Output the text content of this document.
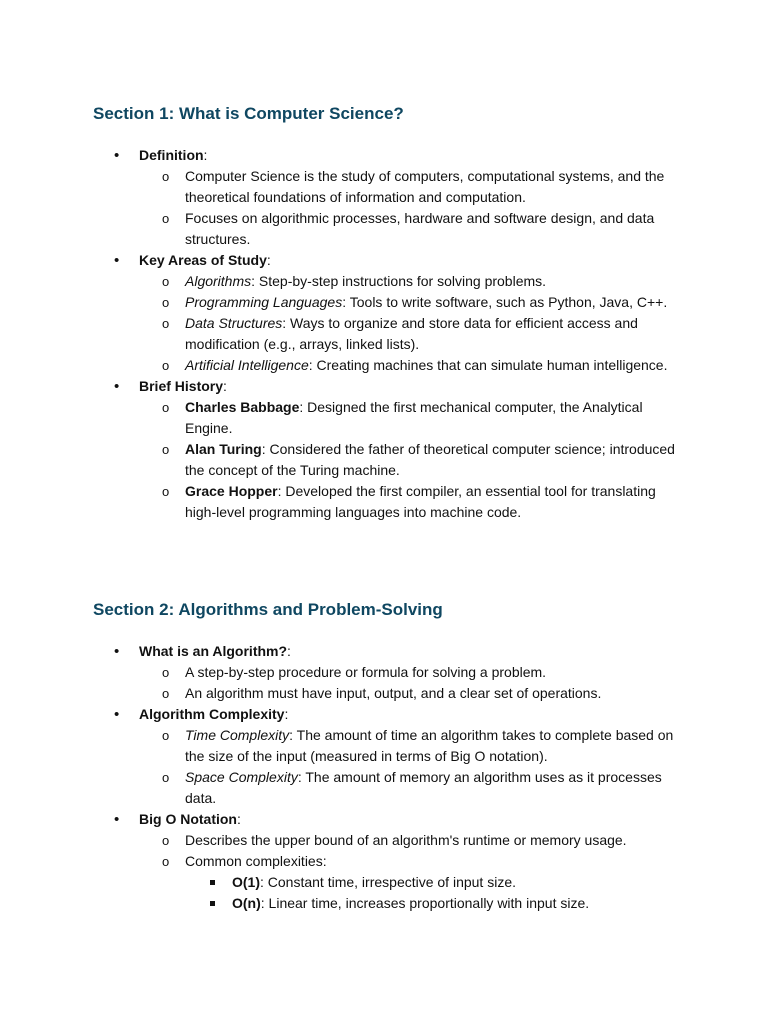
Section 1: What is Computer Science?
• Definition:
o Computer Science is the study of computers, computational systems, and the theoretical foundations of information and computation.
o Focuses on algorithmic processes, hardware and software design, and data structures.
• Key Areas of Study:
o Algorithms: Step-by-step instructions for solving problems.
o Programming Languages: Tools to write software, such as Python, Java, C++.
o Data Structures: Ways to organize and store data for efficient access and modification (e.g., arrays, linked lists).
o Artificial Intelligence: Creating machines that can simulate human intelligence.
• Brief History:
o Charles Babbage: Designed the first mechanical computer, the Analytical Engine.
o Alan Turing: Considered the father of theoretical computer science; introduced the concept of the Turing machine.
o Grace Hopper: Developed the first compiler, an essential tool for translating high-level programming languages into machine code.
Section 2: Algorithms and Problem-Solving
• What is an Algorithm?:
o A step-by-step procedure or formula for solving a problem.
o An algorithm must have input, output, and a clear set of operations.
• Algorithm Complexity:
o Time Complexity: The amount of time an algorithm takes to complete based on the size of the input (measured in terms of Big O notation).
o Space Complexity: The amount of memory an algorithm uses as it processes data.
• Big O Notation:
o Describes the upper bound of an algorithm's runtime or memory usage.
o Common complexities:
O(1): Constant time, irrespective of input size.
O(n): Linear time, increases proportionally with input size.
